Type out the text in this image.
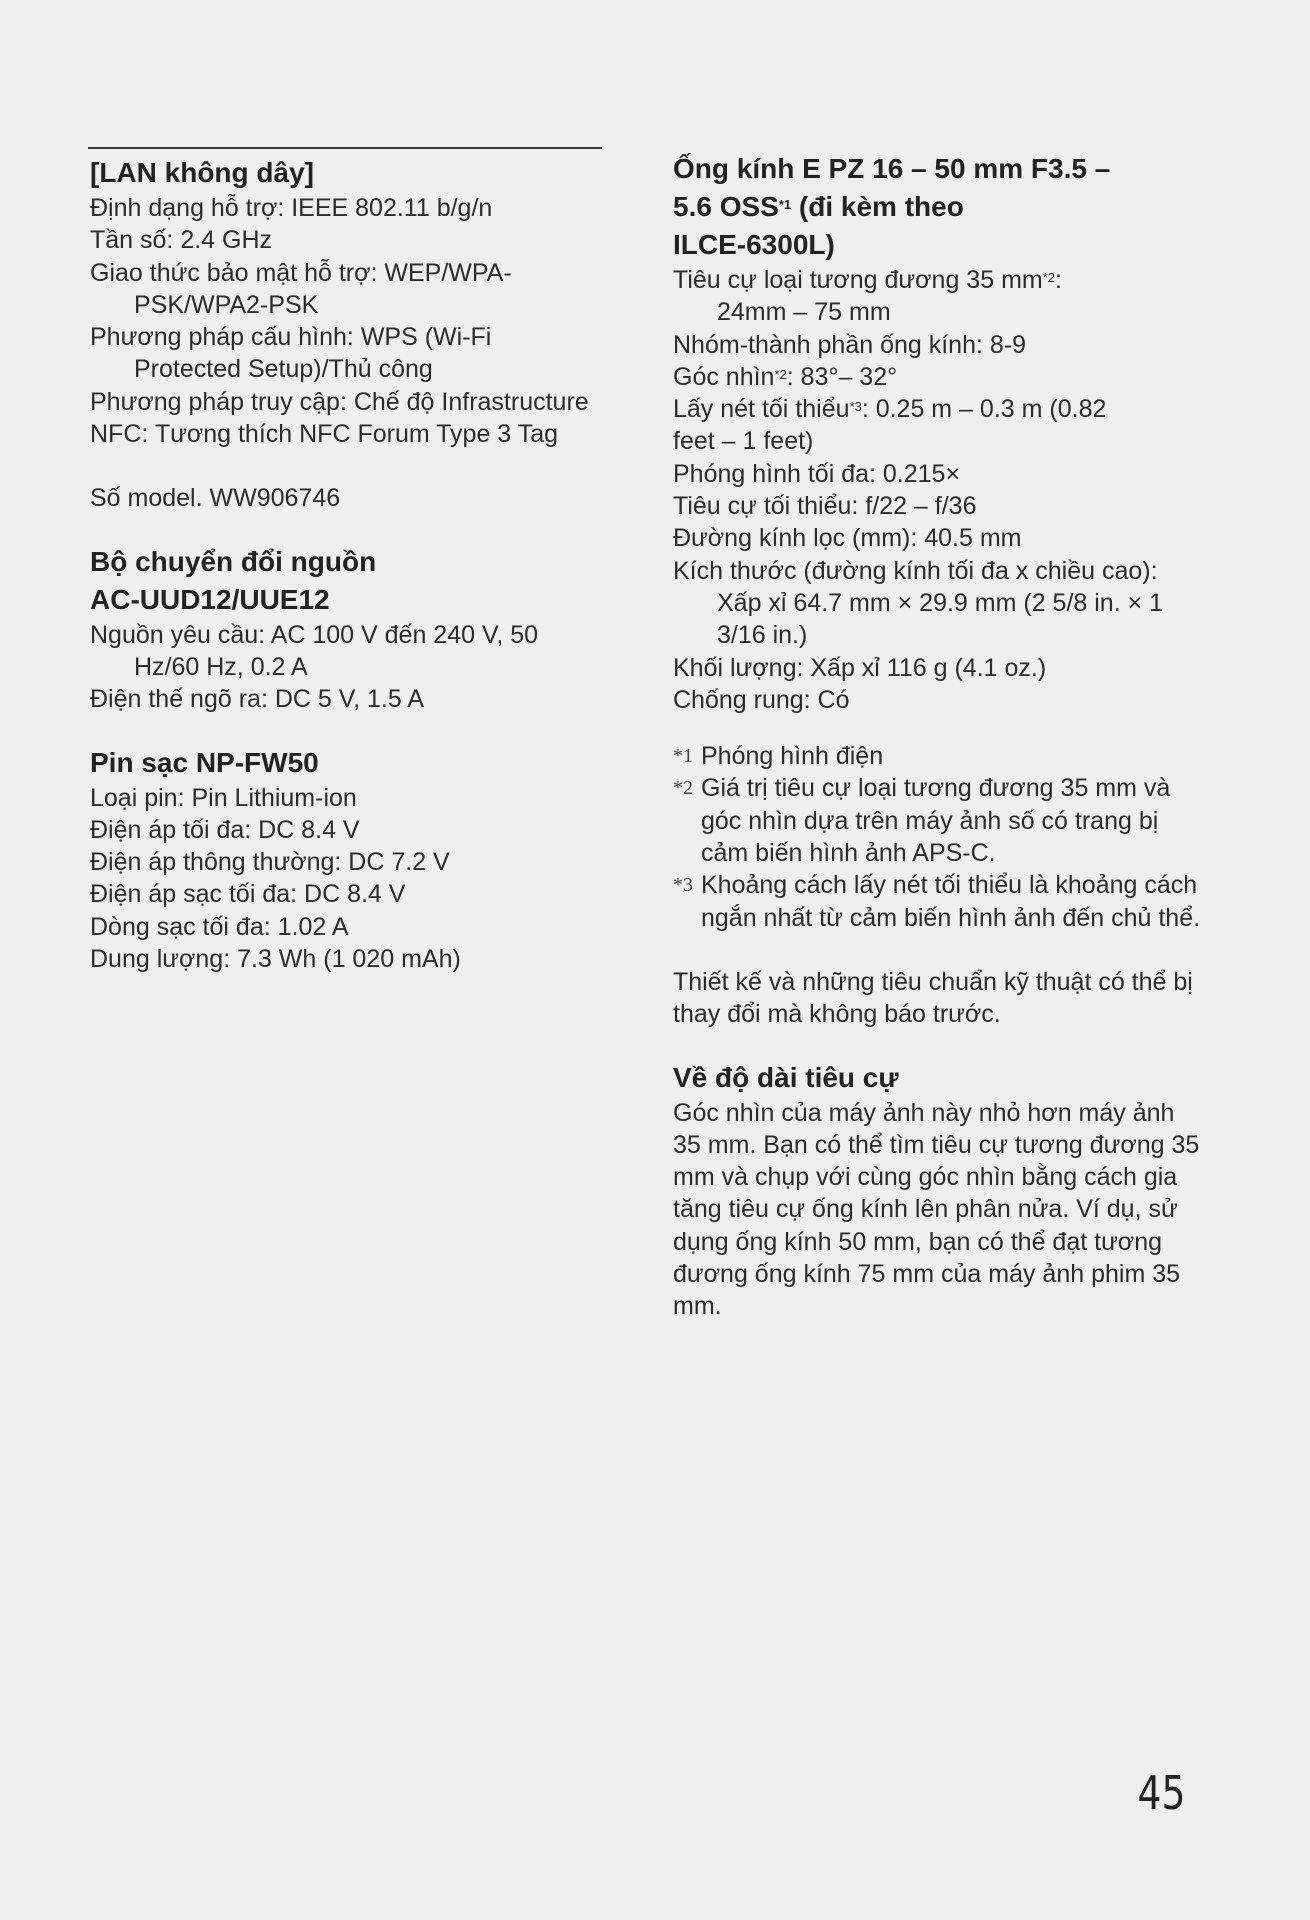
[LAN không dây]

Định dạng hỗ trợ: IEEE 802.11 b/g/n

Tần số: 2.4 GHz

Giao thức bảo mật hỗ trợ: WEP/WPA-PSK/WPA2-PSK

Phương pháp cấu hình: WPS (Wi-Fi Protected Setup)/Thủ công

Phương pháp truy cập: Chế độ Infrastructure

NFC: Tương thích NFC Forum Type 3 Tag

Số model. WW906746

Bộ chuyển đổi nguồn
AC-UUD12/UUE12

Nguồn yêu cầu: AC 100 V đến 240 V, 50 Hz/60 Hz, 0.2 A

Điện thế ngõ ra: DC 5 V, 1.5 A

Pin sạc NP-FW50

Loại pin: Pin Lithium-ion

Điện áp tối đa: DC 8.4 V

Điện áp thông thường: DC 7.2 V

Điện áp sạc tối đa: DC 8.4 V

Dòng sạc tối đa: 1.02 A

Dung lượng: 7.3 Wh (1 020 mAh)

Ống kính E PZ 16 – 50 mm F3.5 –
5.6 OSS$^{*1}$ (đi kèm theo
ILCE-6300L)

Tiêu cự loại tương đương 35 $mm^{*2}$:

24mm – 75 mm

Nhóm-thành phần ống kính: 8-9

Góc nhìn$^{*2}$: 83°– 32°

Lấy nét tối thiểu$^{*3}$: 0.25 m – 0.3 m (0.82

feet – 1 feet)

Phóng hình tối đa: 0.215×

Tiêu cự tối thiểu: f/22 – f/36

Đường kính lọc (mm): 40.5 mm

Kích thước (đường kính tối đa x chiều cao):

Xấp xỉ 64.7 mm × 29.9 mm (2 5/8 in. × 1 3/16 in.)

Khối lượng: Xấp xỉ 116 g (4.1 oz.)

Chống rung: Có

*1 Phóng hình điện

*2 Giá trị tiêu cự loại tương đương 35 mm và góc nhìn dựa trên máy ảnh số có trang bị cảm biến hình ảnh APS-C.

*3 Khoảng cách lấy nét tối thiểu là khoảng cách ngắn nhất từ cảm biến hình ảnh đến chủ thể.

Thiết kế và những tiêu chuẩn kỹ thuật có thể bị thay đổi mà không báo trước.

Về độ dài tiêu cự

Góc nhìn của máy ảnh này nhỏ hơn máy ảnh 35 mm. Bạn có thể tìm tiêu cự tương đương 35 mm và chụp với cùng góc nhìn bằng cách gia tăng tiêu cự ống kính lên phân nửa. Ví dụ, sử dụng ống kính 50 mm, bạn có thể đạt tương đương ống kính 75 mm của máy ảnh phim 35 mm.

45
